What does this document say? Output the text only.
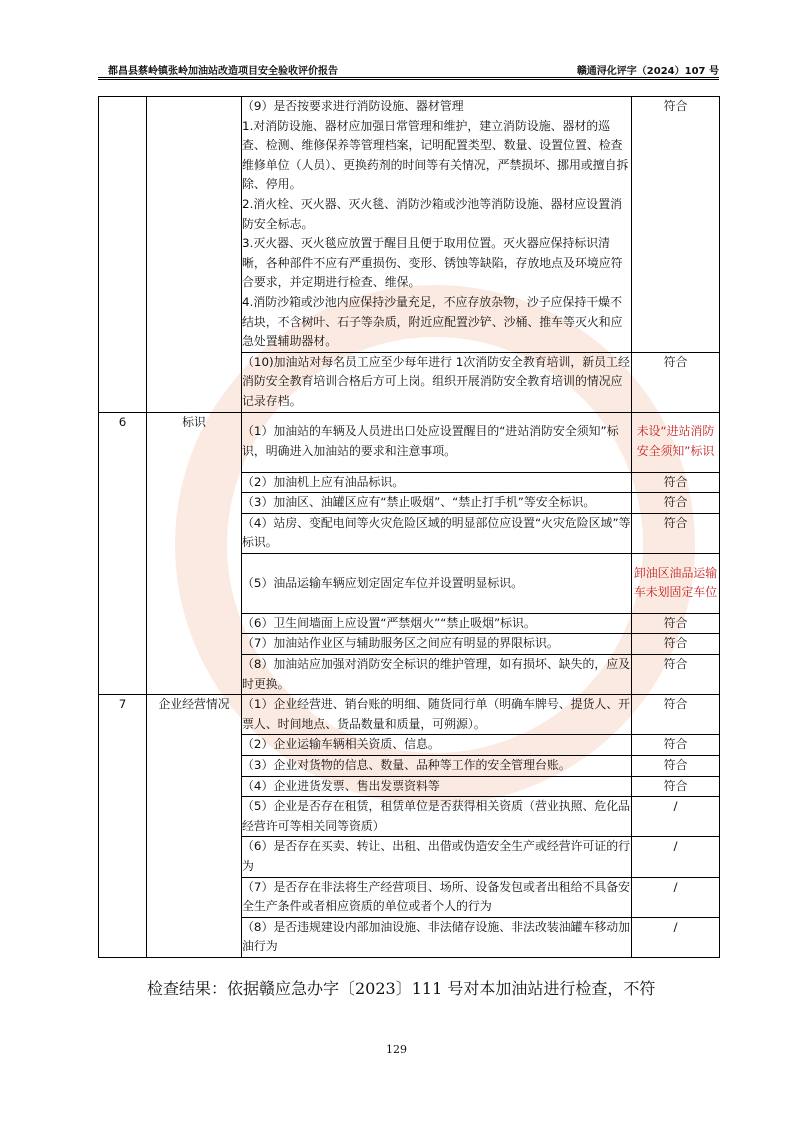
都昌县蔡岭镇张岭加油站改造项目安全验收评价报告	赣通浔化评字（2024）107 号

		（9）是否按要求进行消防设施、器材管理
1.对消防设施、器材应加强日常管理和维护，建立消防设施、器材的巡查、检测、维修保养等管理档案，记明配置类型、数量、设置位置、检查维修单位（人员）、更换药剂的时间等有关情况，严禁损坏、挪用或擅自拆除、停用。
2.消火栓、灭火器、灭火毯、消防沙箱或沙池等消防设施、器材应设置消防安全标志。
3.灭火器、灭火毯应放置于醒目且便于取用位置。灭火器应保持标识清晰，各种部件不应有严重损伤、变形、锈蚀等缺陷，存放地点及环境应符合要求，并定期进行检查、维保。
4.消防沙箱或沙池内应保持沙量充足，不应存放杂物，沙子应保持干燥不结块，不含树叶、石子等杂质，附近应配置沙铲、沙桶、推车等灭火和应急处置辅助器材。	符合
		（10)加油站对每名员工应至少每年进行 1次消防安全教育培训，新员工经消防安全教育培训合格后方可上岗。组织开展消防安全教育培训的情况应记录存档。	符合
6	标识	（1）加油站的车辆及人员进出口处应设置醒目的“进站消防安全须知”标识，明确进入加油站的要求和注意事项。	未设“进站消防安全须知”标识
		（2）加油机上应有油品标识。	符合
		（3）加油区、油罐区应有“禁止吸烟”、“禁止打手机”等安全标识。	符合
		（4）站房、变配电间等火灾危险区域的明显部位应设置“火灾危险区域”等标识。	符合
		（5）油品运输车辆应划定固定车位并设置明显标识。	卸油区油品运输车未划固定车位
		（6）卫生间墙面上应设置“严禁烟火”“禁止吸烟”标识。	符合
		（7）加油站作业区与辅助服务区之间应有明显的界限标识。	符合
		（8）加油站应加强对消防安全标识的维护管理，如有损坏、缺失的，应及时更换。	符合
7	企业经营情况	（1）企业经营进、销台账的明细、随货同行单（明确车牌号、提货人、开票人、时间地点、货品数量和质量，可朔源）。	符合
		（2）企业运输车辆相关资质、信息。	符合
		（3）企业对货物的信息、数量、品种等工作的安全管理台账。	符合
		（4）企业进货发票、售出发票资料等	符合
		（5）企业是否存在租赁，租赁单位是否获得相关资质（营业执照、危化品经营许可等相关同等资质）	/
		（6）是否存在买卖、转让、出租、出借或伪造安全生产或经营许可证的行为	/
		（7）是否存在非法将生产经营项目、场所、设备发包或者出租给不具备安全生产条件或者相应资质的单位或者个人的行为	/
		（8）是否违规建设内部加油设施、非法储存设施、非法改装油罐车移动加油行为	/
检查结果：依据赣应急办字〔2023〕111 号对本加油站进行检查，不符
129
